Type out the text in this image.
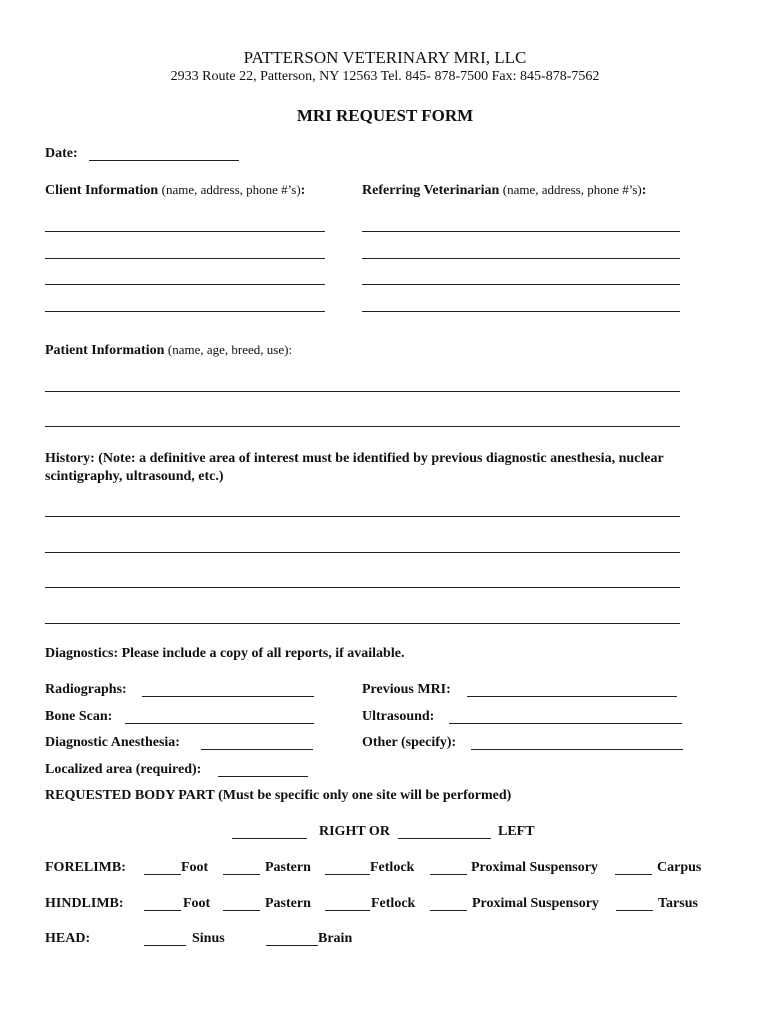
PATTERSON VETERINARY MRI, LLC
2933 Route 22, Patterson, NY 12563 Tel. 845- 878-7500 Fax: 845-878-7562
MRI REQUEST FORM
Date:
Client Information (name, address, phone #’s):	Referring Veterinarian (name, address, phone #’s):
Patient Information (name, age, breed, use):
History: (Note: a definitive area of interest must be identified by previous diagnostic anesthesia, nuclear scintigraphy, ultrasound, etc.)
Diagnostics: Please include a copy of all reports, if available.
Radiographs:	Previous MRI:
Bone Scan:	Ultrasound:
Diagnostic Anesthesia:	Other (specify):
Localized area (required):
REQUESTED BODY PART (Must be specific only one site will be performed)
RIGHT OR	LEFT
FORELIMB:	Foot	Pastern	Fetlock	Proximal Suspensory	Carpus
HINDLIMB:	Foot	Pastern	Fetlock	Proximal Suspensory	Tarsus
HEAD:	Sinus	Brain
